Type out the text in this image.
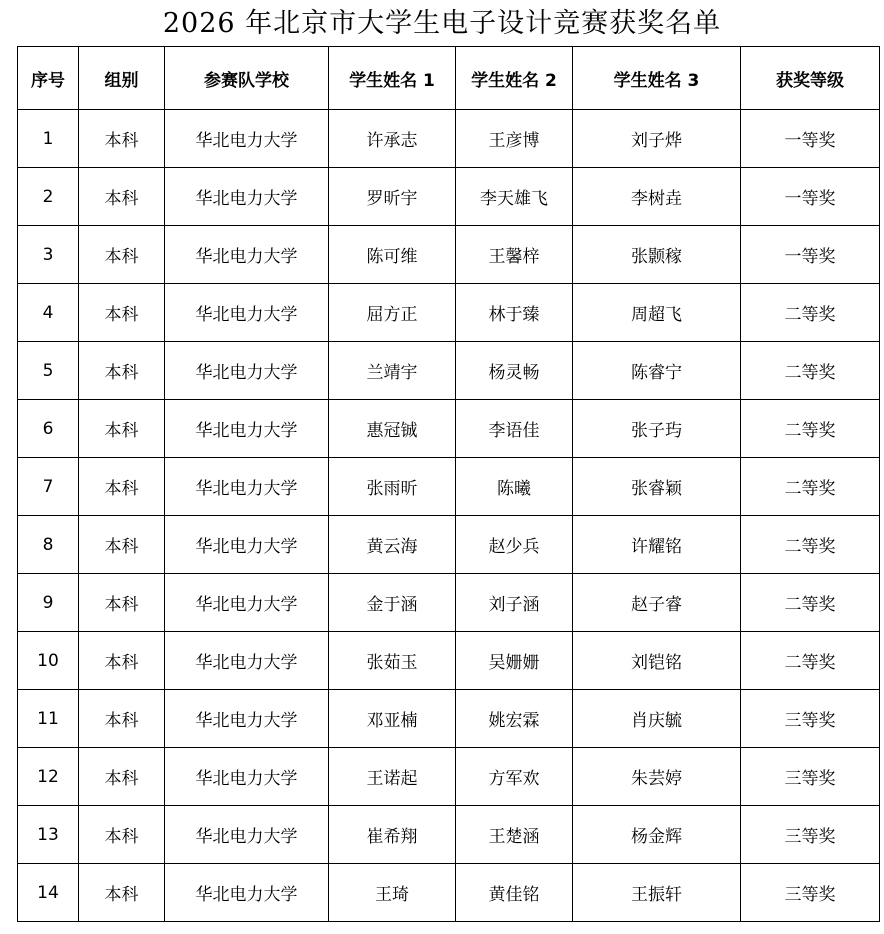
2026 年北京市大学生电子设计竞赛获奖名单
序号	组别	参赛队学校	学生姓名 1	学生姓名 2	学生姓名 3	获奖等级
1	本科	华北电力大学	许承志	王彦博	刘子烨	一等奖
2	本科	华北电力大学	罗昕宇	李天雄飞	李树垚	一等奖
3	本科	华北电力大学	陈可维	王馨梓	张颢稼	一等奖
4	本科	华北电力大学	屈方正	林于臻	周超飞	二等奖
5	本科	华北电力大学	兰靖宇	杨灵畅	陈睿宁	二等奖
6	本科	华北电力大学	惠冠铖	李语佳	张子玙	二等奖
7	本科	华北电力大学	张雨昕	陈曦	张睿颖	二等奖
8	本科	华北电力大学	黄云海	赵少兵	许耀铭	二等奖
9	本科	华北电力大学	金于涵	刘子涵	赵子睿	二等奖
10	本科	华北电力大学	张茹玉	吴姗姗	刘铠铭	二等奖
11	本科	华北电力大学	邓亚楠	姚宏霖	肖庆毓	三等奖
12	本科	华北电力大学	王诺起	方军欢	朱芸婷	三等奖
13	本科	华北电力大学	崔希翔	王楚涵	杨金辉	三等奖
14	本科	华北电力大学	王琦	黄佳铭	王振轩	三等奖
